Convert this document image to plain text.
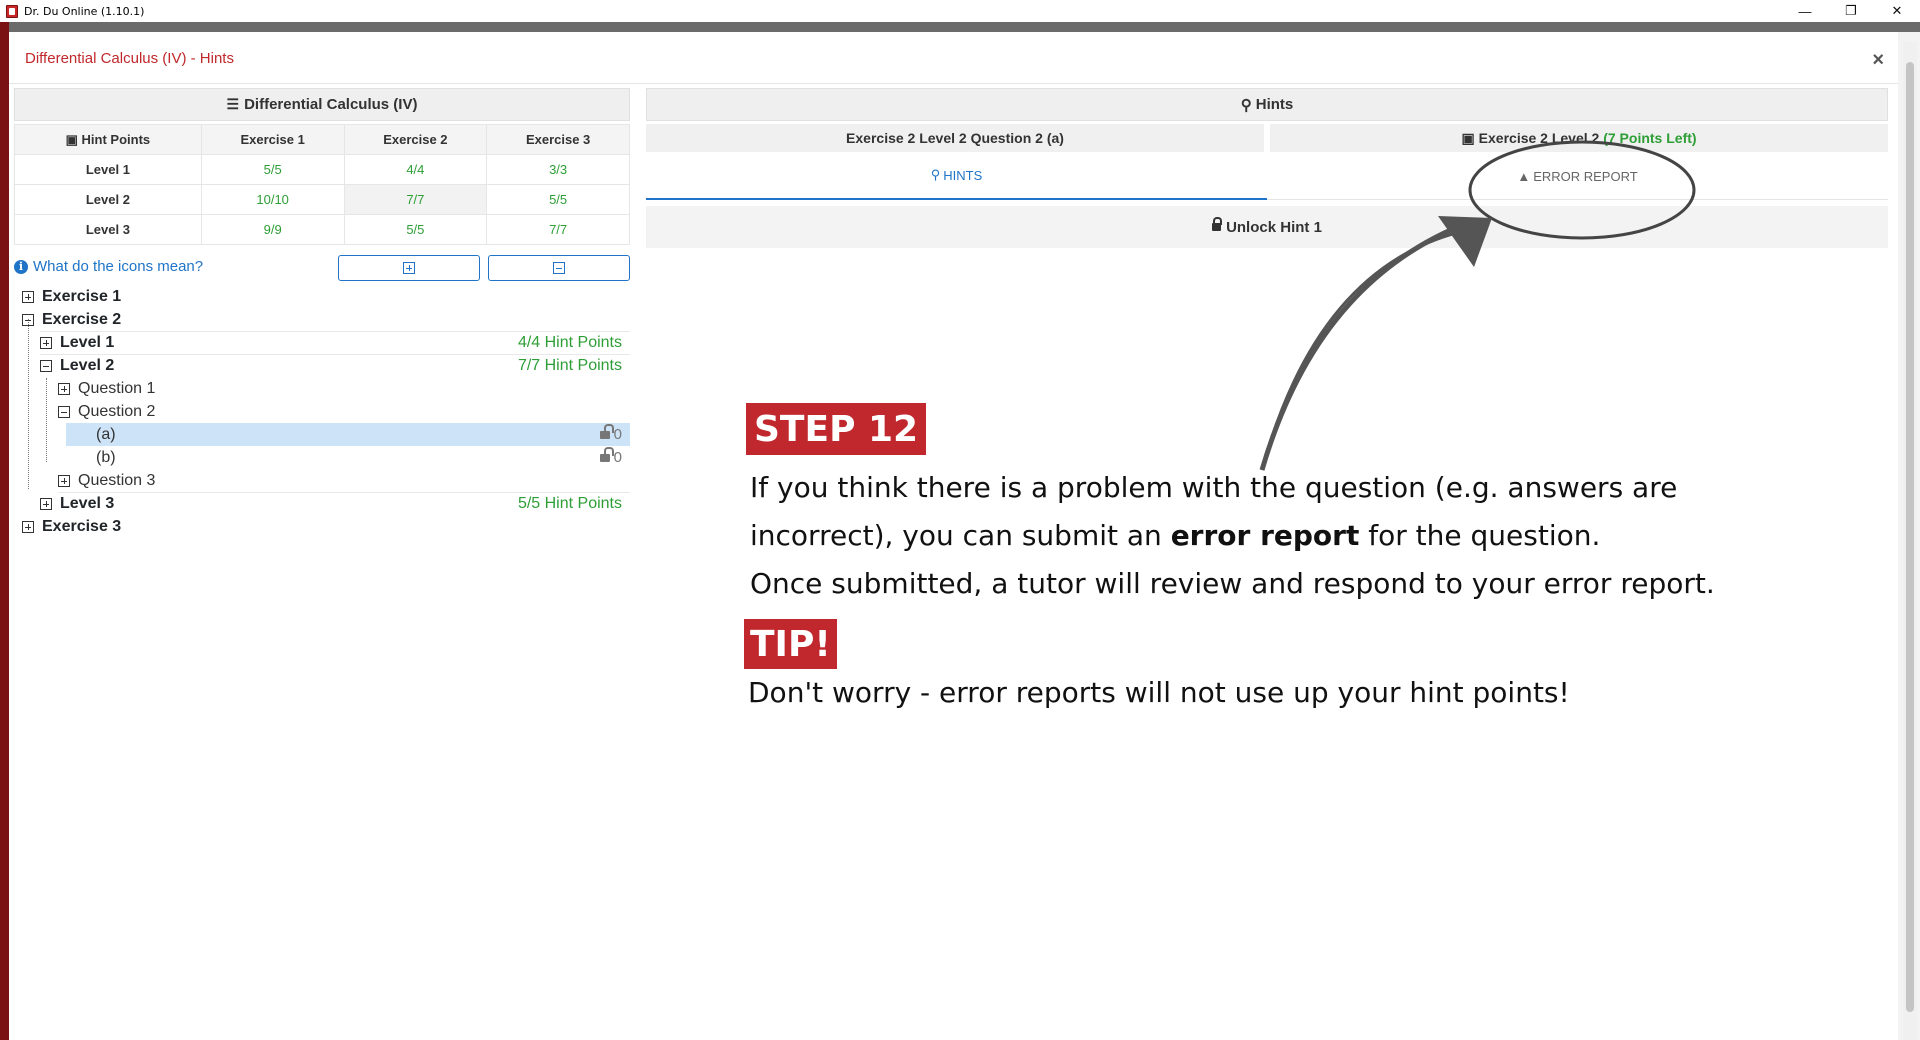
Dr. Du Online (1.10.1)	—	❐	✕
Differential Calculus (IV) - Hints	×
☰ Differential Calculus (IV)
▣ Hint Points	Exercise 1	Exercise 2	Exercise 3
Level 1	5/5	4/4	3/3
Level 2	10/10	7/7	5/5
Level 3	9/9	5/5	7/7
i What do the icons mean?
Exercise 1
Exercise 2
Level 1	4/4 Hint Points
Level 2	7/7 Hint Points
Question 1
Question 2
(a)	0
(b)	0
Question 3
Level 3	5/5 Hint Points
Exercise 3
⚲ Hints
Exercise 2 Level 2 Question 2 (a)	▣ Exercise 2 Level 2
(7 Points Left)
⚲ HINTS	▲ ERROR REPORT
Unlock Hint 1
STEP 12
If you think there is a problem with the question (e.g. answers are
incorrect), you can submit an error report for the question.
Once submitted, a tutor will review and respond to your error report.
TIP!
Don't worry - error reports will not use up your hint points!
